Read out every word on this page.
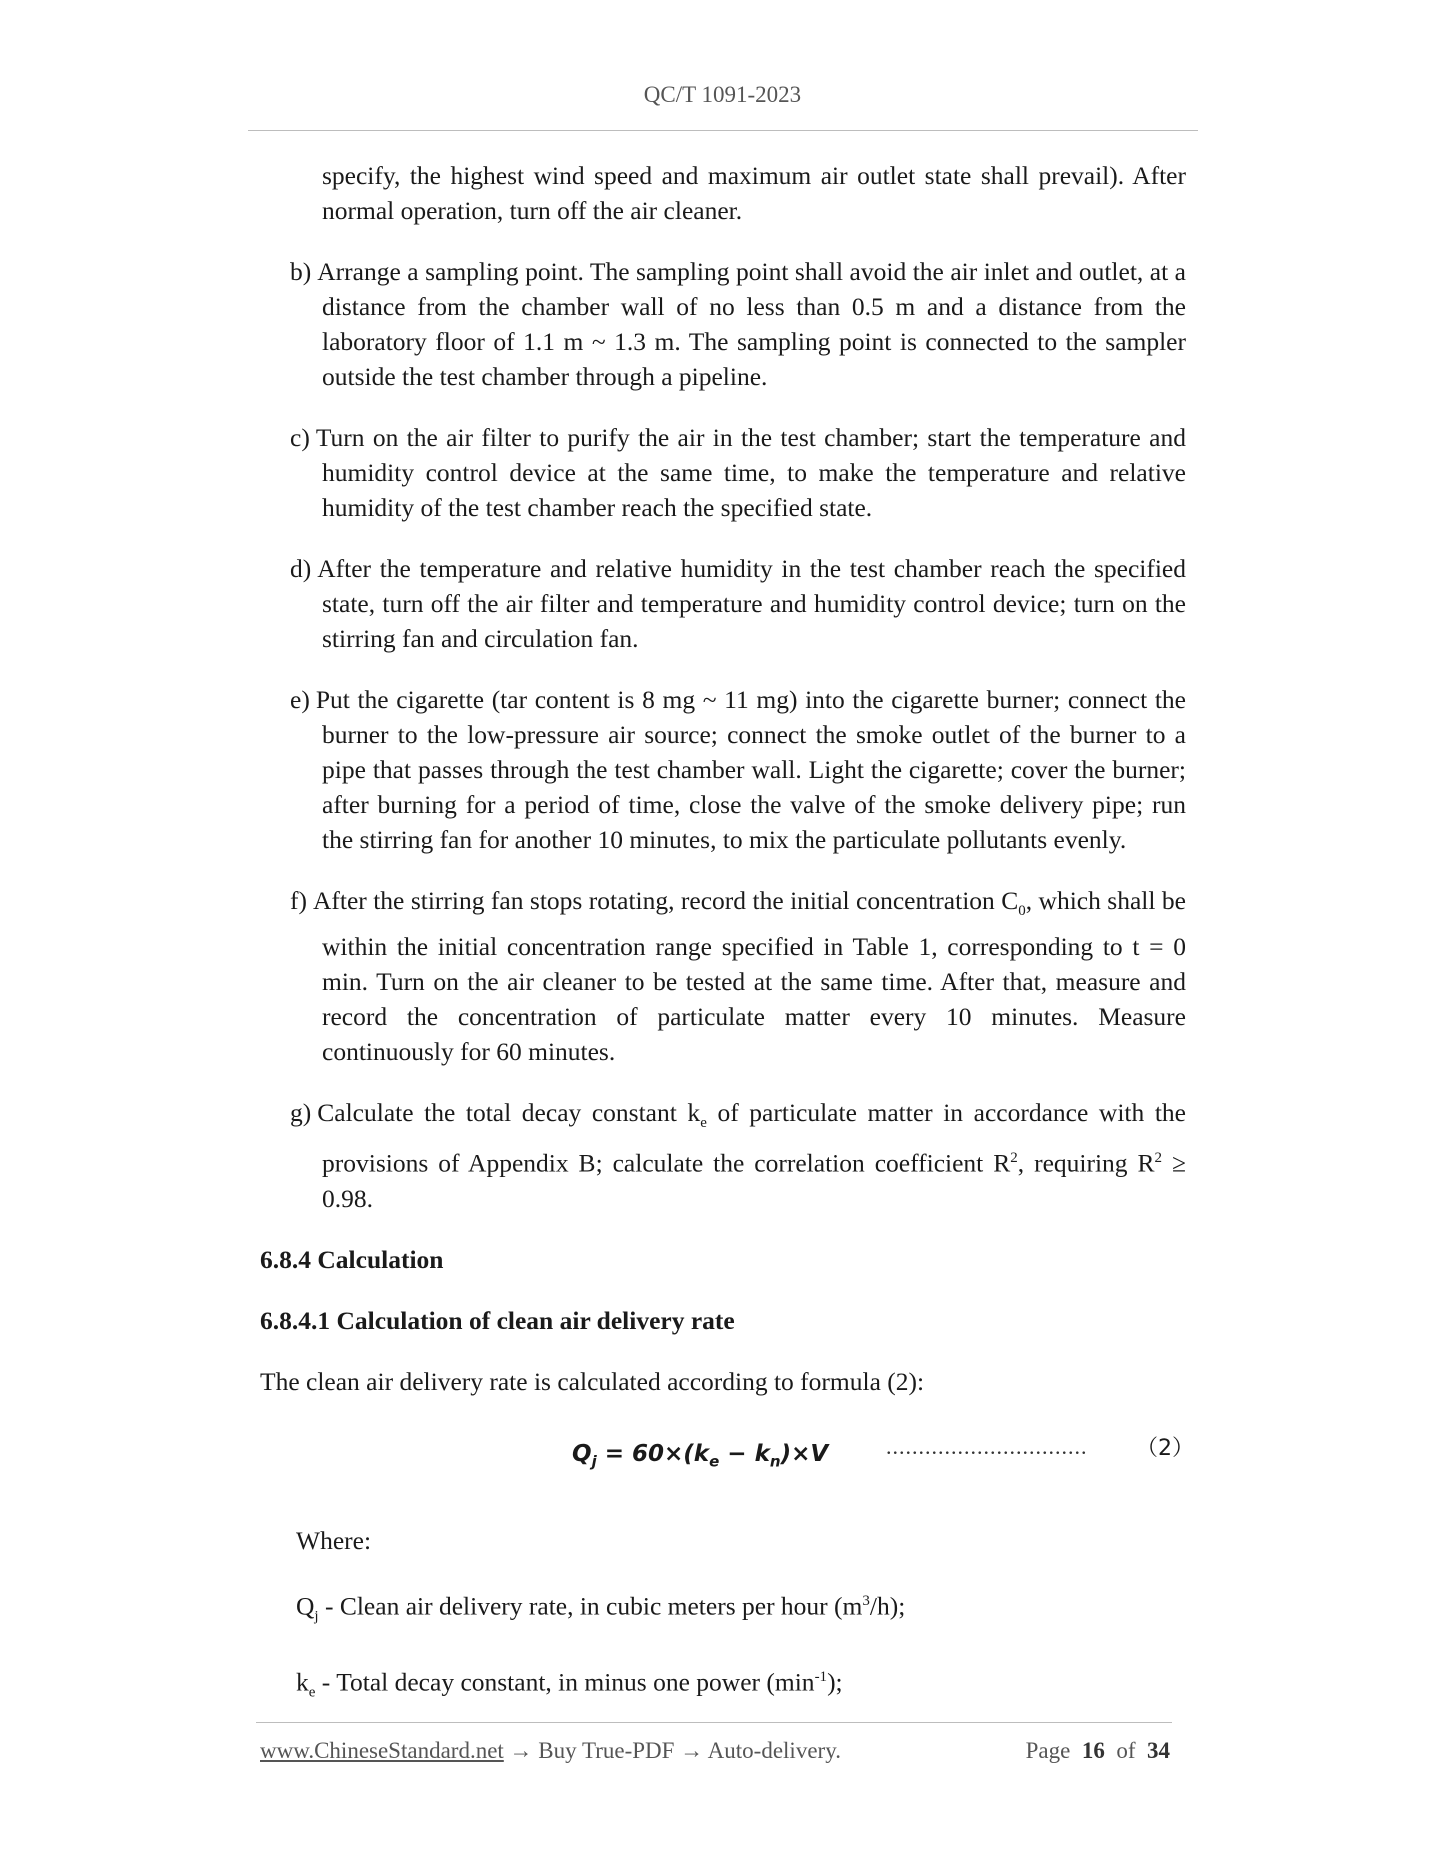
QC/T 1091-2023

specify, the highest wind speed and maximum air outlet state shall prevail). After normal operation, turn off the air cleaner.

b) Arrange a sampling point. The sampling point shall avoid the air inlet and outlet, at a distance from the chamber wall of no less than 0.5 m and a distance from the laboratory floor of 1.1 m ~ 1.3 m. The sampling point is connected to the sampler outside the test chamber through a pipeline.

c) Turn on the air filter to purify the air in the test chamber; start the temperature and humidity control device at the same time, to make the temperature and relative humidity of the test chamber reach the specified state.

d) After the temperature and relative humidity in the test chamber reach the specified state, turn off the air filter and temperature and humidity control device; turn on the stirring fan and circulation fan.

e) Put the cigarette (tar content is 8 mg ~ 11 mg) into the cigarette burner; connect the burner to the low-pressure air source; connect the smoke outlet of the burner to a pipe that passes through the test chamber wall. Light the cigarette; cover the burner; after burning for a period of time, close the valve of the smoke delivery pipe; run the stirring fan for another 10 minutes, to mix the particulate pollutants evenly.

f) After the stirring fan stops rotating, record the initial concentration $C_0$, which shall be within the initial concentration range specified in Table 1, corresponding to t = 0 min. Turn on the air cleaner to be tested at the same time. After that, measure and record the concentration of particulate matter every 10 minutes. Measure continuously for 60 minutes.

g) Calculate the total decay constant $k_e$ of particulate matter in accordance with the provisions of Appendix B; calculate the correlation coefficient $R^2$, requiring $R^2 \ge 0.98$.

6.8.4 Calculation
6.8.4.1 Calculation of clean air delivery rate

The clean air delivery rate is calculated according to formula (2):

$Q_j = 60\times(k_e - k_n)\times V$	............................... （2）

Where:

$Q_j$ - Clean air delivery rate, in cubic meters per hour $(m^3/h)$;

$k_e$ - Total decay constant, in minus one power $(\min^{-1})$;

www.ChineseStandard.net → Buy True-PDF → Auto-delivery.	Page 16 of 34
